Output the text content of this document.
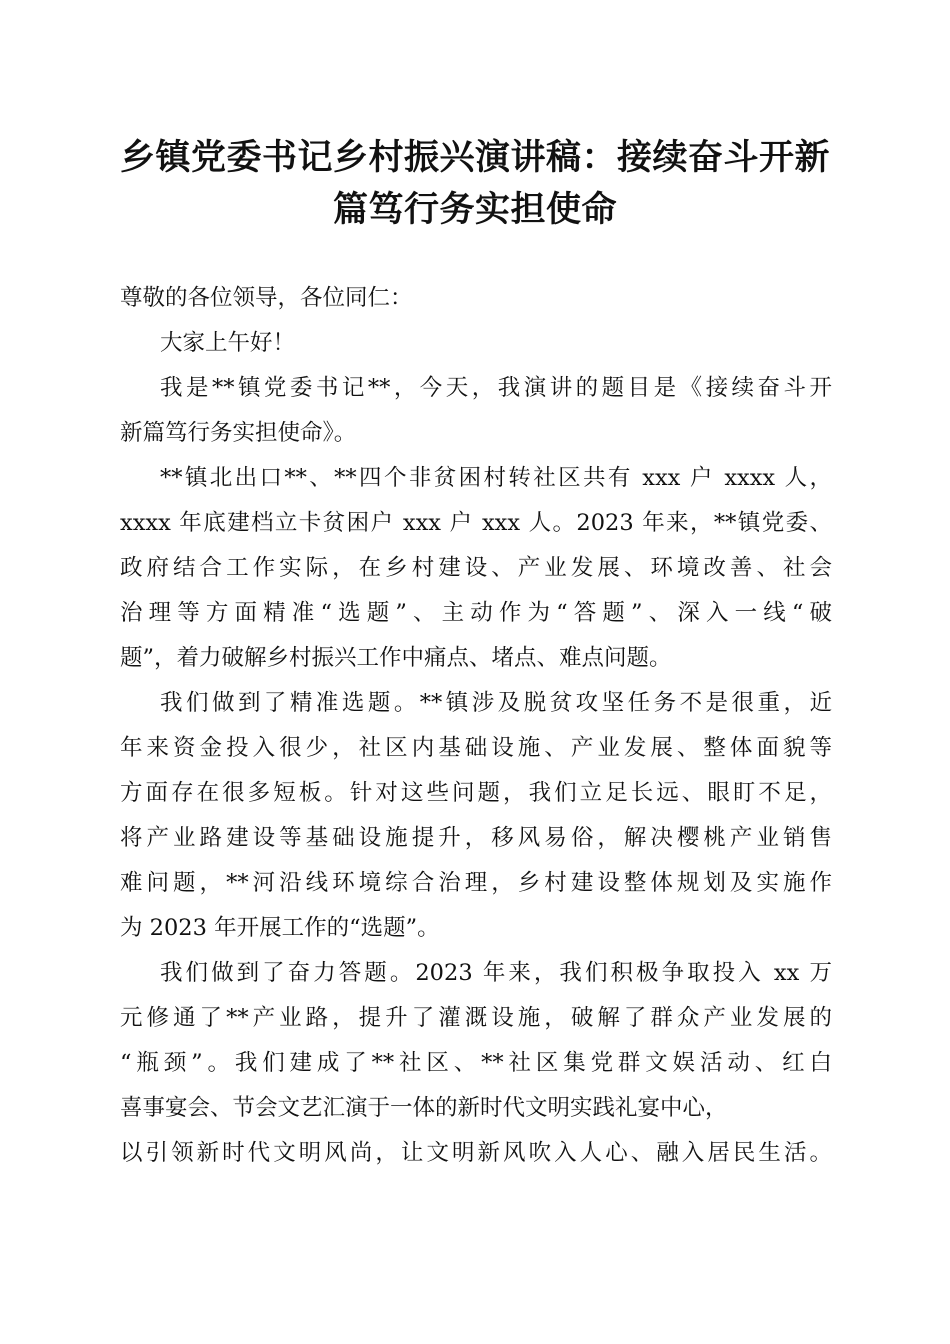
乡镇党委书记乡村振兴演讲稿：接续奋斗开新
篇笃行务实担使命
尊敬的各位领导，各位同仁：
大家上午好！
我是**镇党委书记**，今天，我演讲的题目是《接续奋斗开
新篇笃行务实担使命》。
**镇北出口**、**四个非贫困村转社区共有 xxx 户 xxxx 人，
xxxx 年底建档立卡贫困户 xxx 户 xxx 人。2023 年来，**镇党委、
政府结合工作实际，在乡村建设、产业发展、环境改善、社会
治理等方面精准“选题”、主动作为“答题”、深入一线“破
题”，着力破解乡村振兴工作中痛点、堵点、难点问题。
我们做到了精准选题。**镇涉及脱贫攻坚任务不是很重，近
年来资金投入很少，社区内基础设施、产业发展、整体面貌等
方面存在很多短板。针对这些问题，我们立足长远、眼盯不足，
将产业路建设等基础设施提升，移风易俗，解决樱桃产业销售
难问题，**河沿线环境综合治理，乡村建设整体规划及实施作
为 2023 年开展工作的“选题”。
我们做到了奋力答题。2023 年来，我们积极争取投入 xx 万
元修通了**产业路，提升了灌溉设施，破解了群众产业发展的
“瓶颈”。我们建成了**社区、**社区集党群文娱活动、红白
喜事宴会、节会文艺汇演于一体的新时代文明实践礼宴中心，
以引领新时代文明风尚，让文明新风吹入人心、融入居民生活。
